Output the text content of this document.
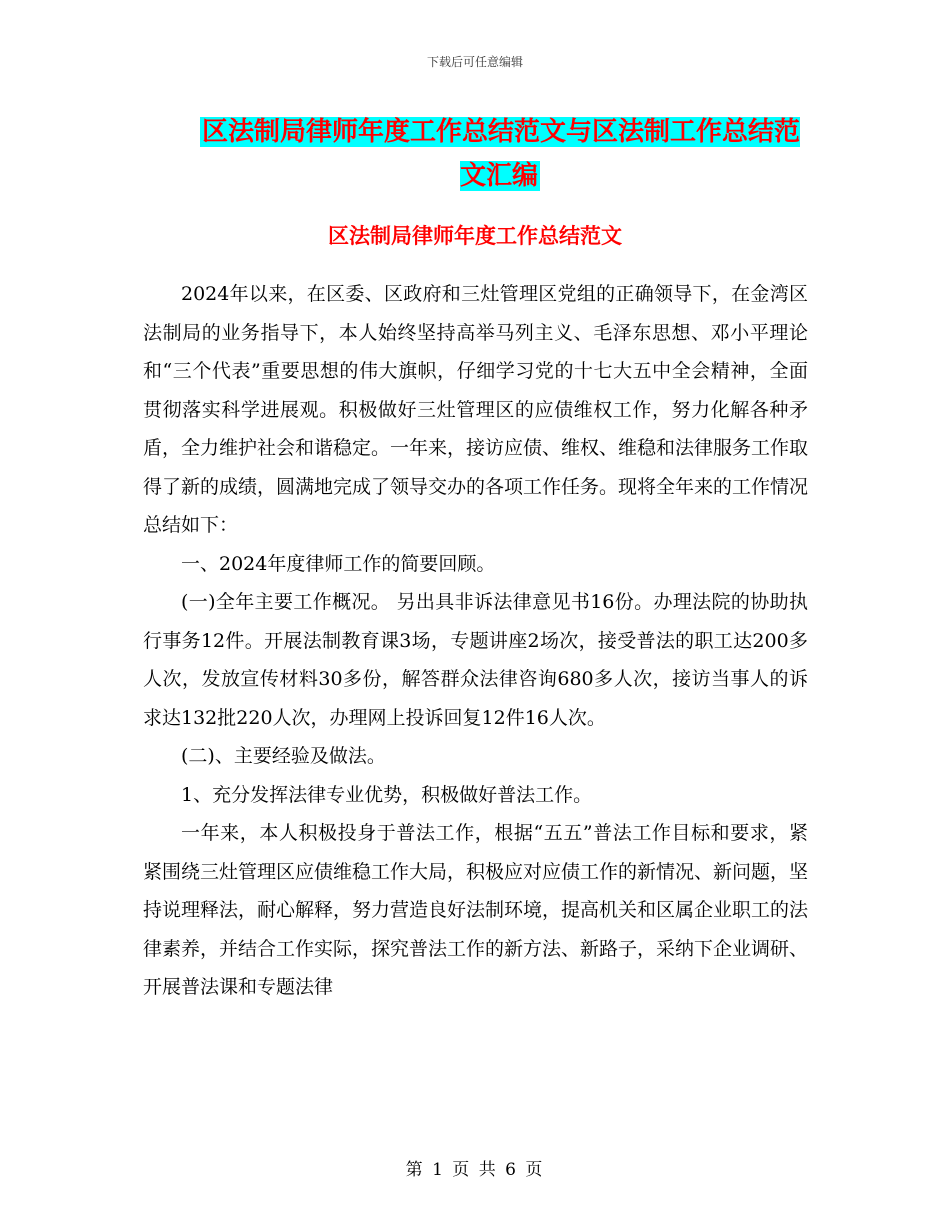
下载后可任意编辑
区法制局律师年度工作总结范文与区法制工作总结范文汇编
区法制局律师年度工作总结范文

2024年以来，在区委、区政府和三灶管理区党组的正确领导下，在金湾区法制局的业务指导下，本人始终坚持高举马列主义、毛泽东思想、邓小平理论和“三个代表”重要思想的伟大旗帜，仔细学习党的十七大五中全会精神，全面贯彻落实科学进展观。积极做好三灶管理区的应债维权工作，努力化解各种矛盾，全力维护社会和谐稳定。一年来，接访应债、维权、维稳和法律服务工作取得了新的成绩，圆满地完成了领导交办的各项工作任务。现将全年来的工作情况总结如下：

一、2024年度律师工作的简要回顾。

(一)全年主要工作概况。 另出具非诉法律意见书16份。办理法院的协助执行事务12件。开展法制教育课3场，专题讲座2场次，接受普法的职工达200多人次，发放宣传材料30多份，解答群众法律咨询680多人次，接访当事人的诉求达132批220人次，办理网上投诉回复12件16人次。

(二)、主要经验及做法。

1、充分发挥法律专业优势，积极做好普法工作。

一年来，本人积极投身于普法工作，根据“五五”普法工作目标和要求，紧紧围绕三灶管理区应债维稳工作大局，积极应对应债工作的新情况、新问题，坚持说理释法，耐心解释，努力营造良好法制环境，提高机关和区属企业职工的法律素养，并结合工作实际，探究普法工作的新方法、新路子，采纳下企业调研、开展普法课和专题法律

第 1 页 共 6 页
